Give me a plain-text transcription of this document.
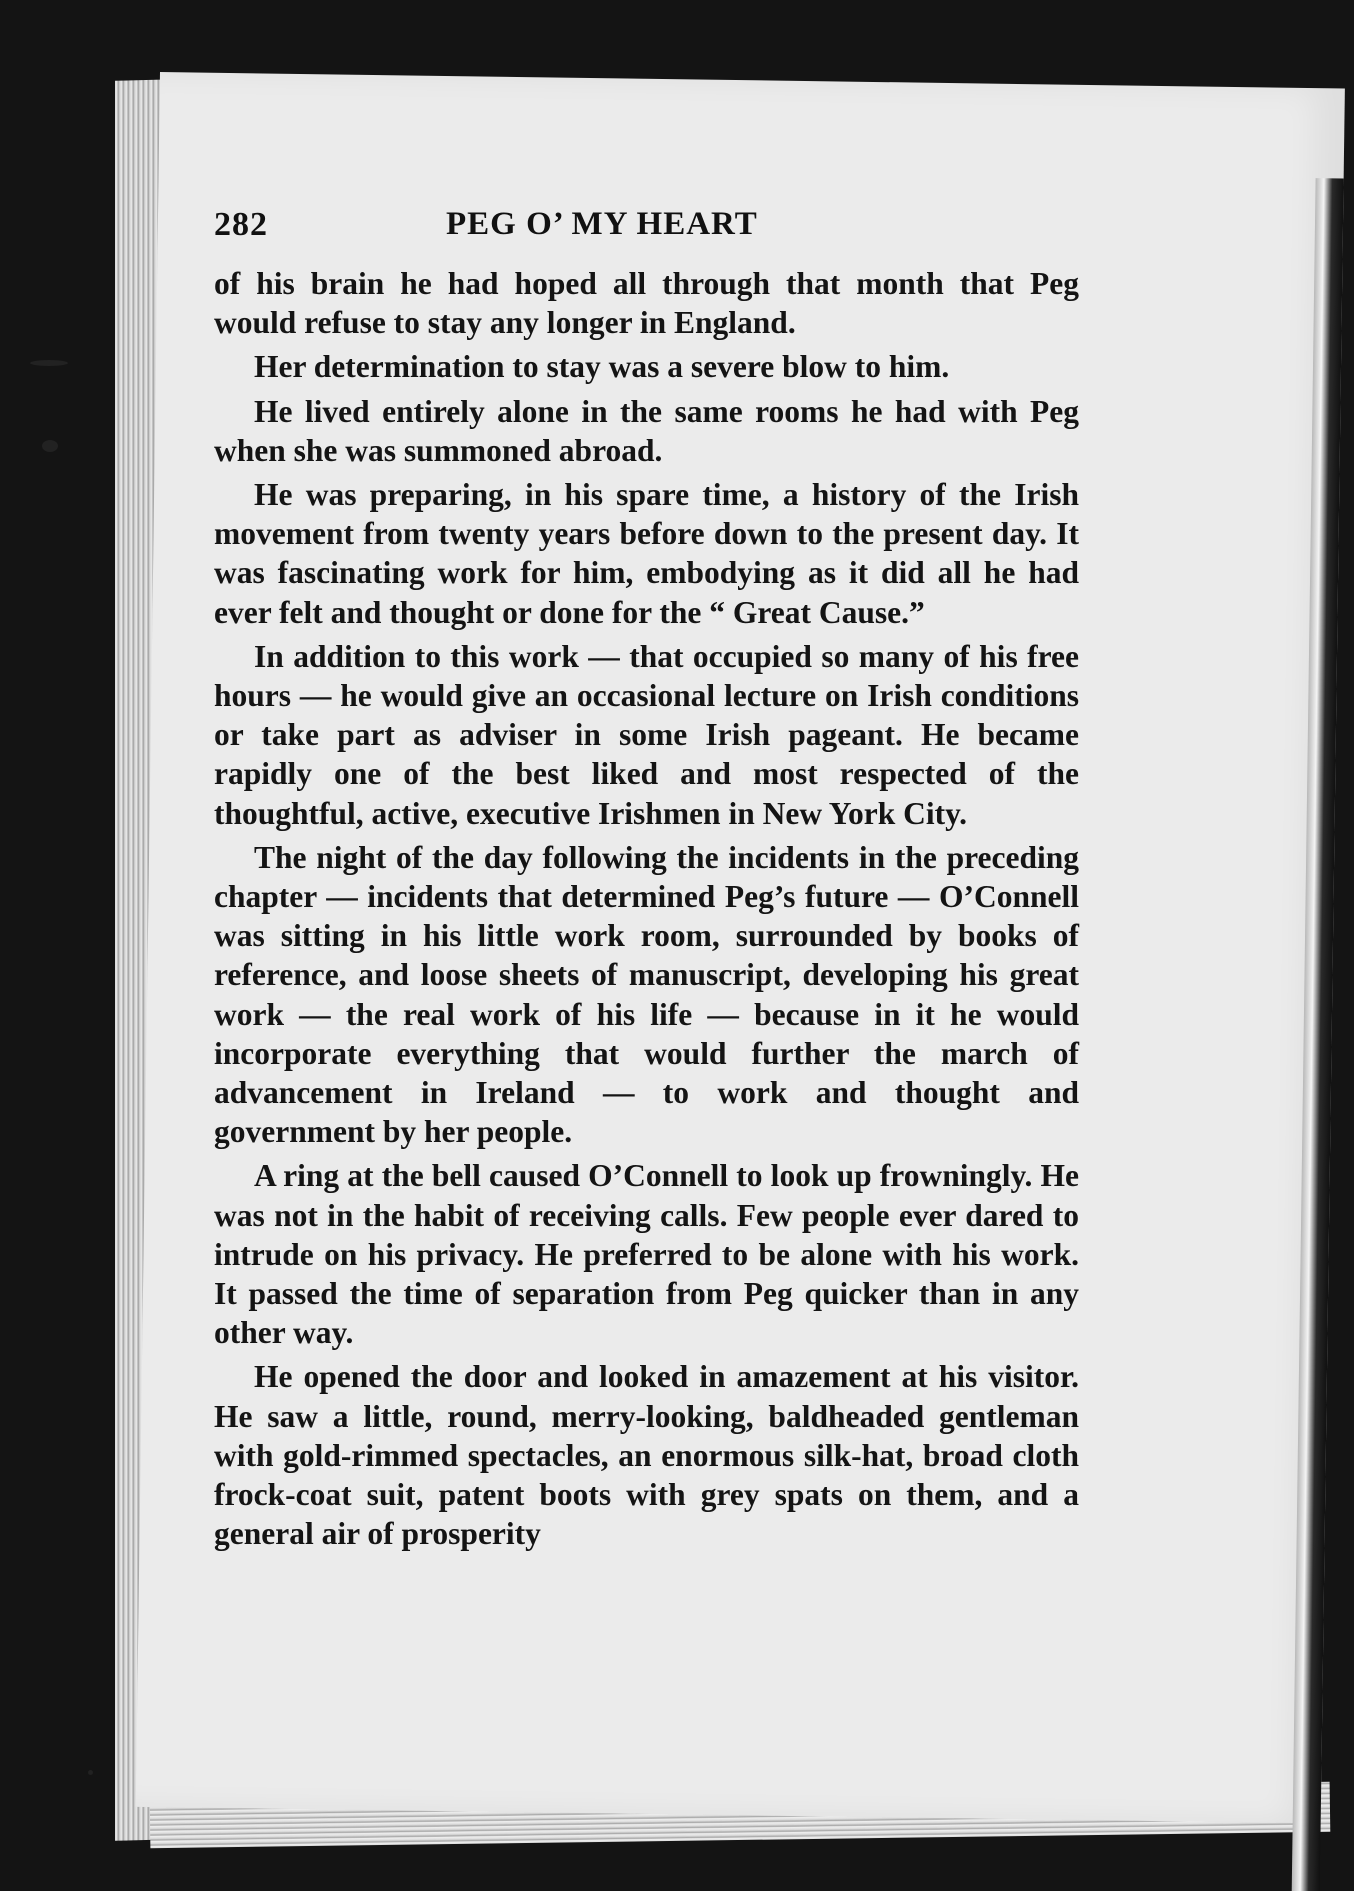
282	PEG O’ MY HEART

of his brain he had hoped all through that month that Peg would refuse to stay any longer in England.

Her determination to stay was a severe blow to him.

He lived entirely alone in the same rooms he had with Peg when she was summoned abroad.

He was preparing, in his spare time, a history of the Irish movement from twenty years before down to the present day. It was fascinating work for him, embodying as it did all he had ever felt and thought or done for the “ Great Cause.”

In addition to this work — that occupied so many of his free hours — he would give an occasional lecture on Irish conditions or take part as adviser in some Irish pageant. He became rapidly one of the best liked and most respected of the thoughtful, active, executive Irishmen in New York City.

The night of the day following the incidents in the preceding chapter — incidents that determined Peg’s future — O’Connell was sitting in his little work room, surrounded by books of reference, and loose sheets of manuscript, developing his great work — the real work of his life — because in it he would incorporate everything that would further the march of advancement in Ireland — to work and thought and government by her people.

A ring at the bell caused O’Connell to look up frowningly. He was not in the habit of receiving calls. Few people ever dared to intrude on his privacy. He preferred to be alone with his work. It passed the time of separation from Peg quicker than in any other way.

He opened the door and looked in amazement at his visitor. He saw a little, round, merry-looking, baldheaded gentleman with gold-rimmed spectacles, an enormous silk-hat, broad cloth frock-coat suit, patent boots with grey spats on them, and a general air of prosperity
